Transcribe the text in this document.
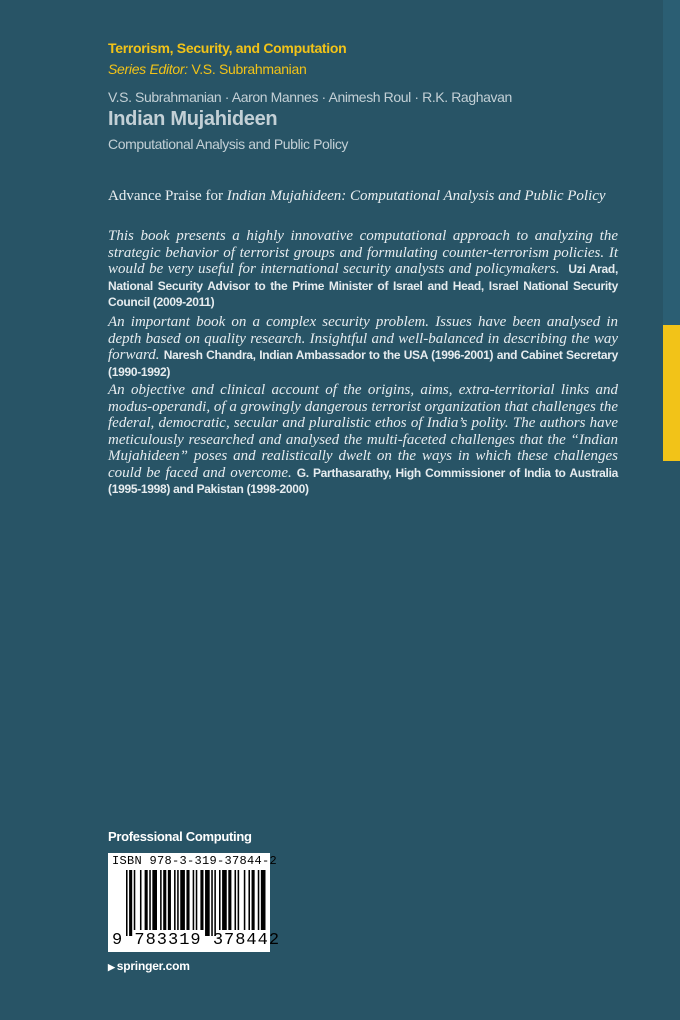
Terrorism, Security, and Computation
Series Editor: V.S. Subrahmanian
V.S. Subrahmanian · Aaron Mannes · Animesh Roul · R.K. Raghavan
Indian Mujahideen
Computational Analysis and Public Policy
Advance Praise for Indian Mujahideen: Computational Analysis and Public Policy
This book presents a highly innovative computational approach to analyzing the strategic behavior of terrorist groups and formulating counter-terrorism policies. It would be very useful for international security analysts and policymakers. Uzi Arad, National Security Advisor to the Prime Minister of Israel and Head, Israel National Security Council (2009-2011)
An important book on a complex security problem. Issues have been analysed in depth based on quality research. Insightful and well-balanced in describing the way forward. Naresh Chandra, Indian Ambassador to the USA (1996-2001) and Cabinet Secretary (1990-1992)
An objective and clinical account of the origins, aims, extra-territorial links and modus-operandi, of a growingly dangerous terrorist organization that challenges the federal, democratic, secular and pluralistic ethos of India’s polity. The authors have meticulously researched and analysed the multi-faceted challenges that the “Indian Mujahideen” poses and realistically dwelt on the ways in which these challenges could be faced and overcome. G. Parthasarathy, High Commissioner of India to Australia (1995-1998) and Pakistan (1998-2000)
Professional Computing
ISBN 978-3-319-37844-2
9 783319 378442
▶ springer.com
